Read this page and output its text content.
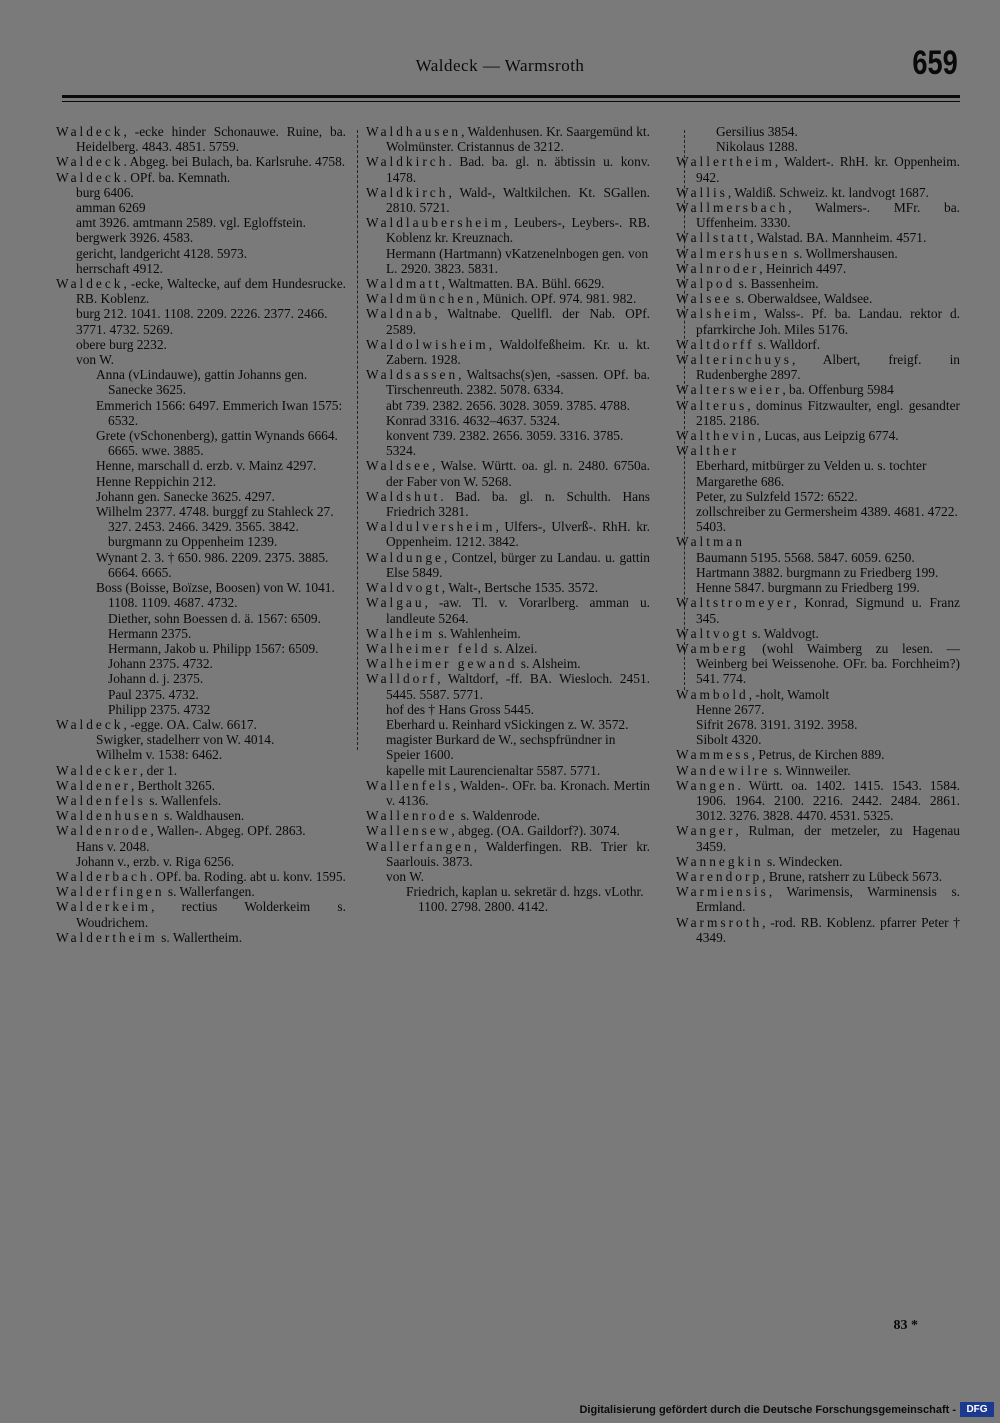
Waldeck — Warmsroth	659

Waldeck, -ecke hinder Schonauwe. Ruine, ba. Heidelberg. 4843. 4851. 5759.

Waldeck. Abgeg. bei Bulach, ba. Karlsruhe. 4758.

Waldeck. OPf. ba. Kemnath.

burg 6406.

amman 6269

amt 3926. amtmann 2589. vgl. Egloffstein.

bergwerk 3926. 4583.

gericht, landgericht 4128. 5973.

herrschaft 4912.

Waldeck, -ecke, Waltecke, auf dem Hundesrucke. RB. Koblenz.

burg 212. 1041. 1108. 2209. 2226. 2377. 2466. 3771. 4732. 5269.

obere burg 2232.

von W.

Anna (vLindauwe), gattin Johanns gen. Sanecke 3625.

Emmerich 1566: 6497. Emmerich Iwan 1575: 6532.

Grete (vSchonenberg), gattin Wynands 6664. 6665. wwe. 3885.

Henne, marschall d. erzb. v. Mainz 4297.

Henne Reppichin 212.

Johann gen. Sanecke 3625. 4297.

Wilhelm 2377. 4748. burggf zu Stahleck 27. 327. 2453. 2466. 3429. 3565. 3842. burgmann zu Oppenheim 1239.

Wynant 2. 3. † 650. 986. 2209. 2375. 3885. 6664. 6665.

Boss (Boisse, Boïzse, Boosen) von W. 1041. 1108. 1109. 4687. 4732.

Diether, sohn Boessen d. ä. 1567: 6509.

Hermann 2375.

Hermann, Jakob u. Philipp 1567: 6509.

Johann 2375. 4732.

Johann d. j. 2375.

Paul 2375. 4732.

Philipp 2375. 4732

Waldeck, -egge. OA. Calw. 6617.

Swigker, stadelherr von W. 4014.

Wilhelm v. 1538: 6462.

Waldecker, der 1.

Waldener, Bertholt 3265.

Waldenfels s. Wallenfels.

Waldenhusen s. Waldhausen.

Waldenrode, Wallen-. Abgeg. OPf. 2863.

Hans v. 2048.

Johann v., erzb. v. Riga 6256.

Walderbach. OPf. ba. Roding. abt u. konv. 1595.

Walderfingen s. Wallerfangen.

Walderkeim, rectius Wolderkeim s. Woudrichem.

Waldertheim s. Wallertheim.

Waldhausen, Waldenhusen. Kr. Saargemünd kt. Wolmünster. Cristannus de 3212.

Waldkirch. Bad. ba. gl. n. äbtissin u. konv. 1478.

Waldkirch, Wald-, Waltkilchen. Kt. SGallen. 2810. 5721.

Waldlaubersheim, Leubers-, Leybers-. RB. Koblenz kr. Kreuznach.

Hermann (Hartmann) vKatzenelnbogen gen. von L. 2920. 3823. 5831.

Waldmatt, Waltmatten. BA. Bühl. 6629.

Waldmünchen, Münich. OPf. 974. 981. 982.

Waldnab, Waltnabe. Quellfl. der Nab. OPf. 2589.

Waldolwisheim, Waldolfeßheim. Kr. u. kt. Zabern. 1928.

Waldsassen, Waltsachs(s)en, -sassen. OPf. ba. Tirschenreuth. 2382. 5078. 6334.

abt 739. 2382. 2656. 3028. 3059. 3785. 4788. Konrad 3316. 4632–4637. 5324.

konvent 739. 2382. 2656. 3059. 3316. 3785. 5324.

Waldsee, Walse. Württ. oa. gl. n. 2480. 6750a. der Faber von W. 5268.

Waldshut. Bad. ba. gl. n. Schulth. Hans Friedrich 3281.

Waldulversheim, Ulfers-, Ulverß-. RhH. kr. Oppenheim. 1212. 3842.

Waldunge, Contzel, bürger zu Landau. u. gattin Else 5849.

Waldvogt, Walt-, Bertsche 1535. 3572.

Walgau, -aw. Tl. v. Vorarlberg. amman u. landleute 5264.

Walheim s. Wahlenheim.

Walheimer feld s. Alzei.

Walheimer gewand s. Alsheim.

Walldorf, Waltdorf, -ff. BA. Wiesloch. 2451. 5445. 5587. 5771.

hof des † Hans Gross 5445.

Eberhard u. Reinhard vSickingen z. W. 3572.

magister Burkard de W., sechspfründner in Speier 1600.

kapelle mit Laurencienaltar 5587. 5771.

Wallenfels, Walden-. OFr. ba. Kronach. Mertin v. 4136.

Wallenrode s. Waldenrode.

Wallensew, abgeg. (OA. Gaildorf?). 3074.

Wallerfangen, Walderfingen. RB. Trier kr. Saarlouis. 3873.

von W.

Friedrich, kaplan u. sekretär d. hzgs. vLothr. 1100. 2798. 2800. 4142.

Gersilius 3854.

Nikolaus 1288.

Wallertheim, Waldert-. RhH. kr. Oppenheim. 942.

Wallis, Waldiß. Schweiz. kt. landvogt 1687.

Wallmersbach, Walmers-. MFr. ba. Uffenheim. 3330.

Wallstatt, Walstad. BA. Mannheim. 4571.

Walmershusen s. Wollmershausen.

Walnroder, Heinrich 4497.

Walpod s. Bassenheim.

Walsee s. Oberwaldsee, Waldsee.

Walsheim, Walss-. Pf. ba. Landau. rektor d. pfarrkirche Joh. Miles 5176.

Waltdorff s. Walldorf.

Walterinchuys, Albert, freigf. in Rudenberghe 2897.

Waltersweier, ba. Offenburg 5984

Walterus, dominus Fitzwaulter, engl. gesandter 2185. 2186.

Walthevin, Lucas, aus Leipzig 6774.

Walther

Eberhard, mitbürger zu Velden u. s. tochter Margarethe 686.

Peter, zu Sulzfeld 1572: 6522.

zollschreiber zu Germersheim 4389. 4681. 4722. 5403.

Waltman

Baumann 5195. 5568. 5847. 6059. 6250.

Hartmann 3882. burgmann zu Friedberg 199.

Henne 5847. burgmann zu Friedberg 199.

Waltstromeyer, Konrad, Sigmund u. Franz 345.

Waltvogt s. Waldvogt.

Wamberg (wohl Waimberg zu lesen. — Weinberg bei Weissenohe. OFr. ba. Forchheim?) 541. 774.

Wambold, -holt, Wamolt

Henne 2677.

Sifrit 2678. 3191. 3192. 3958.

Sibolt 4320.

Wammess, Petrus, de Kirchen 889.

Wandewilre s. Winnweiler.

Wangen. Württ. oa. 1402. 1415. 1543. 1584. 1906. 1964. 2100. 2216. 2442. 2484. 2861. 3012. 3276. 3828. 4470. 4531. 5325.

Wanger, Rulman, der metzeler, zu Hagenau 3459.

Wannegkin s. Windecken.

Warendorp, Brune, ratsherr zu Lübeck 5673.

Warmiensis, Warimensis, Warminensis s. Ermland.

Warmsroth, -rod. RB. Koblenz. pfarrer Peter † 4349.

83 *
Digitalisierung gefördert durch die Deutsche Forschungsgemeinschaft -	DFG
